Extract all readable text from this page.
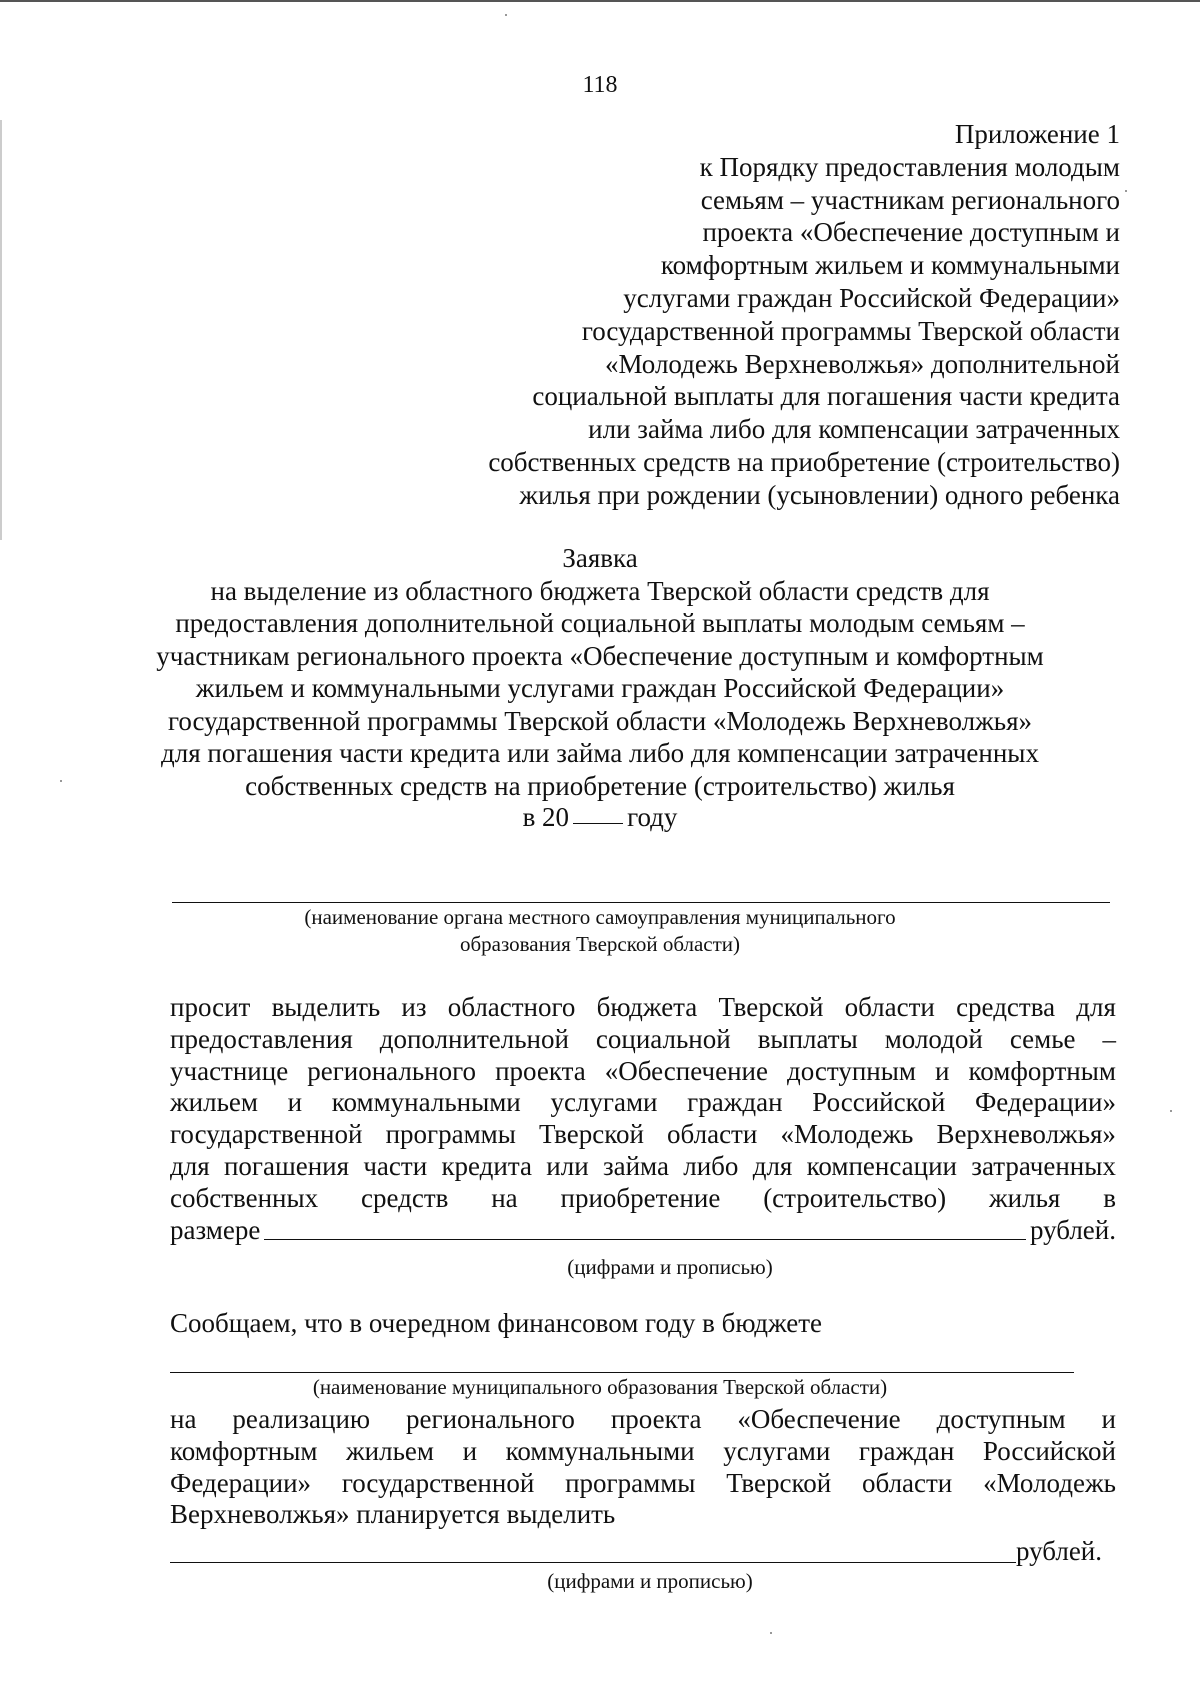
118
Приложение 1
к Порядку предоставления молодым
семьям – участникам регионального
проекта «Обеспечение доступным и
комфортным жильем и коммунальными
услугами граждан Российской Федерации»
государственной программы Тверской области
«Молодежь Верхневолжья» дополнительной
социальной выплаты для погашения части кредита
или займа либо для компенсации затраченных
собственных средств на приобретение (строительство)
жилья при рождении (усыновлении) одного ребенка
Заявка
на выделение из областного бюджета Тверской области средств для
предоставления дополнительной социальной выплаты молодым семьям –
участникам регионального проекта «Обеспечение доступным и комфортным
жильем и коммунальными услугами граждан Российской Федерации»
государственной программы Тверской области «Молодежь Верхневолжья»
для погашения части кредита или займа либо для компенсации затраченных
собственных средств на приобретение (строительство) жилья
в 20 году
(наименование органа местного самоуправления муниципального
образования Тверской области)
просит выделить из областного бюджета Тверской области средства для
предоставления дополнительной социальной выплаты молодой семье –
участнице регионального проекта «Обеспечение доступным и комфортным
жильем и коммунальными услугами граждан Российской Федерации»
государственной программы Тверской области «Молодежь Верхневолжья»
для погашения части кредита или займа либо для компенсации затраченных
собственных средств на приобретение (строительство) жилья в
размере	рублей.
(цифрами и прописью)
Сообщаем, что в очередном финансовом году в бюджете
(наименование муниципального образования Тверской области)
на реализацию регионального проекта «Обеспечение доступным и
комфортным жильем и коммунальными услугами граждан Российской
Федерации» государственной программы Тверской области «Молодежь
Верхневолжья» планируется выделить
рублей.
(цифрами и прописью)
